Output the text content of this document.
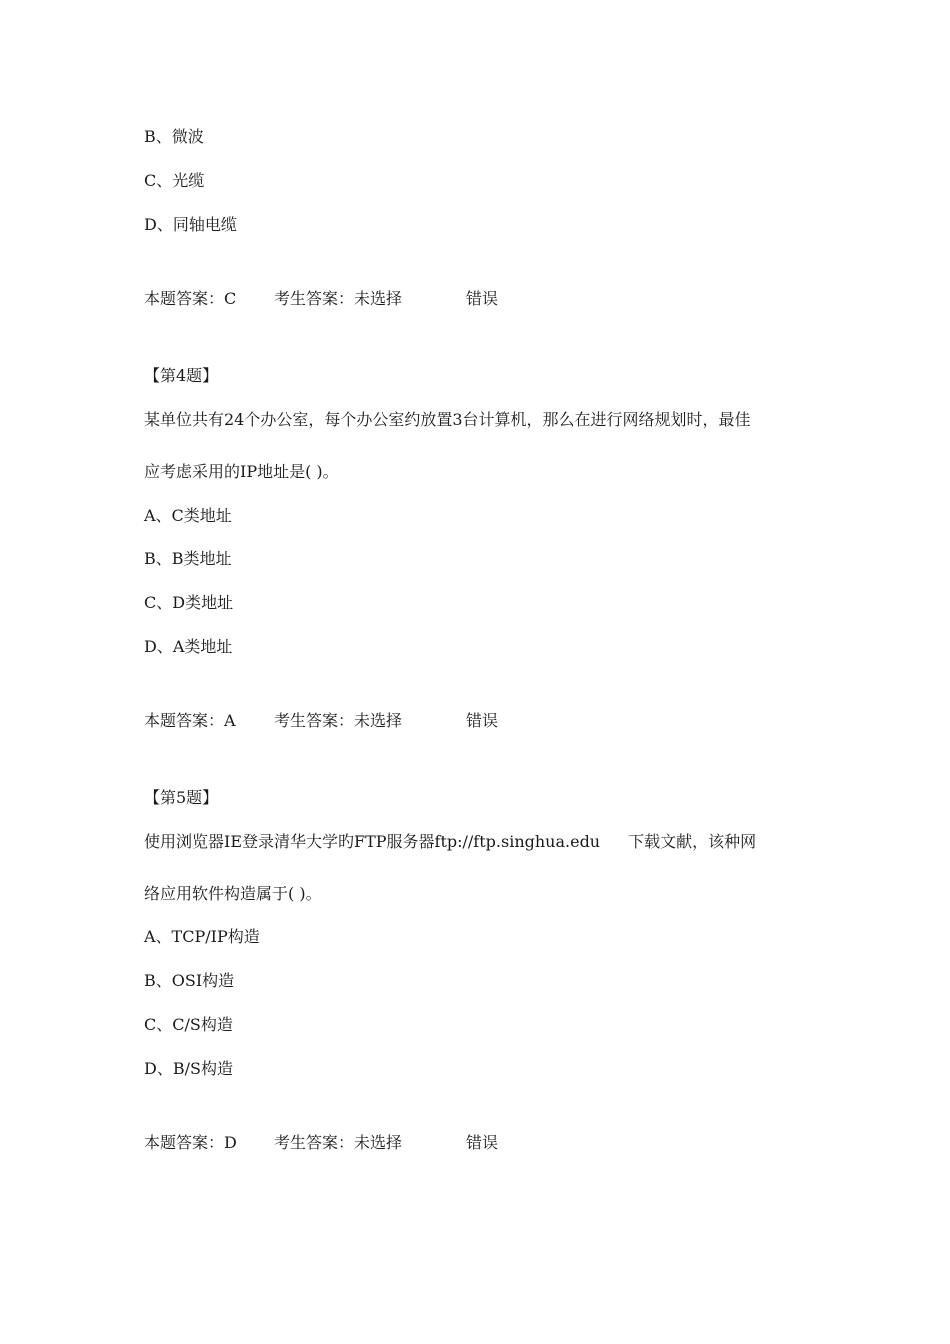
B、微波
C、光缆
D、同轴电缆
本题答案：C 考生答案：未选择	错误
【第4题】
某单位共有24个办公室，每个办公室约放置3台计算机，那么在进行网络规划时，最佳
应考虑采用的IP地址是( )。
A、C类地址
B、B类地址
C、D类地址
D、A类地址
本题答案：A 考生答案：未选择	错误
【第5题】
使用浏览器IE登录清华大学旳FTP服务器ftp://ftp.singhua.edu 下载文献，该种网
络应用软件构造属于( )。
A、TCP/IP构造
B、OSI构造
C、C/S构造
D、B/S构造
本题答案：D 考生答案：未选择	错误
